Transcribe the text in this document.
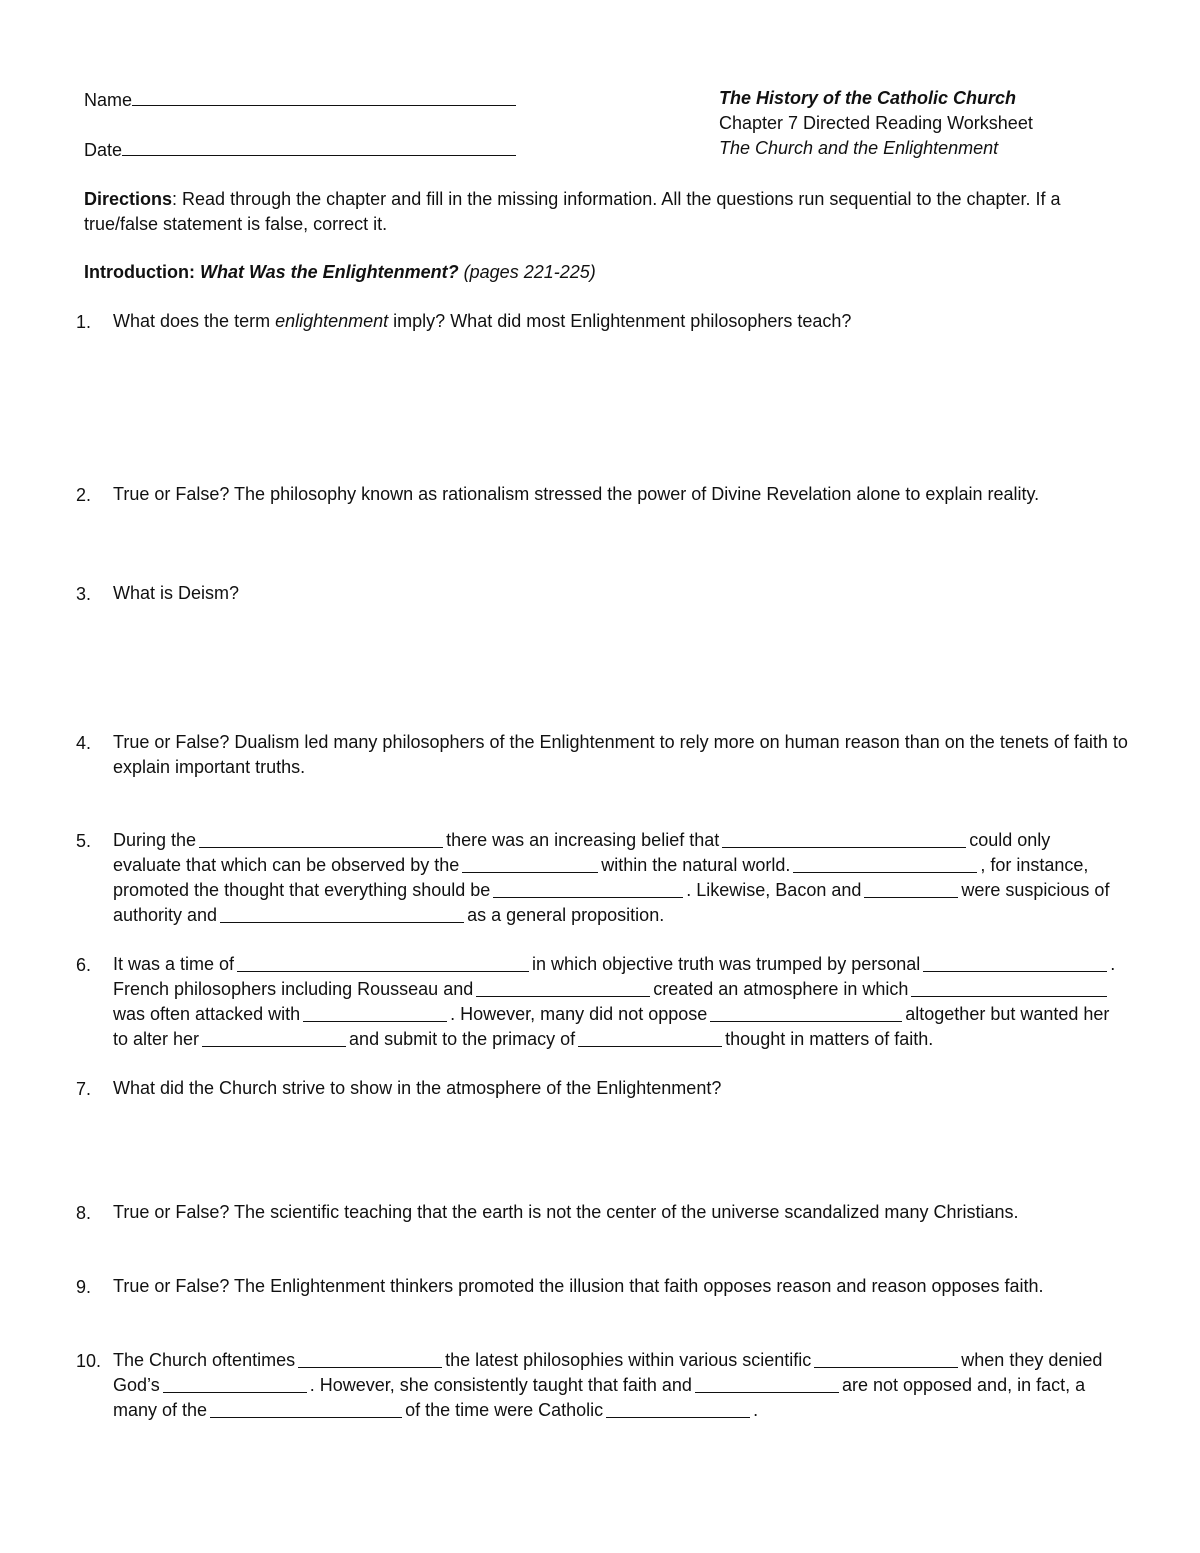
Name
Date
The History of the Catholic Church
Chapter 7 Directed Reading Worksheet
The Church and the Enlightenment
Directions: Read through the chapter and fill in the missing information. All the questions run sequential to the chapter. If a true/false statement is false, correct it.
Introduction: What Was the Enlightenment? (pages 221-225)
1. What does the term enlightenment imply? What did most Enlightenment philosophers teach?
2. True or False? The philosophy known as rationalism stressed the power of Divine Revelation alone to explain reality.
3. What is Deism?
4. True or False? Dualism led many philosophers of the Enlightenment to rely more on human reason than on the tenets of faith to
explain important truths.
5. During the	there was an increasing belief that	could only
evaluate that which can be observed by the	within the natural world.	, for instance,
promoted the thought that everything should be	. Likewise, Bacon and	were suspicious of
authority and	as a general proposition.
6. It was a time of	in which objective truth was trumped by personal	.
French philosophers including Rousseau and	created an atmosphere in which
was often attacked with	. However, many did not oppose	altogether but wanted her
to alter her	and submit to the primacy of	thought in matters of faith.
7. What did the Church strive to show in the atmosphere of the Enlightenment?
8. True or False? The scientific teaching that the earth is not the center of the universe scandalized many Christians.
9. True or False? The Enlightenment thinkers promoted the illusion that faith opposes reason and reason opposes faith.
10. The Church oftentimes	the latest philosophies within various scientific	when they denied
God’s	. However, she consistently taught that faith and	are not opposed and, in fact, a
many of the	of the time were Catholic	.
